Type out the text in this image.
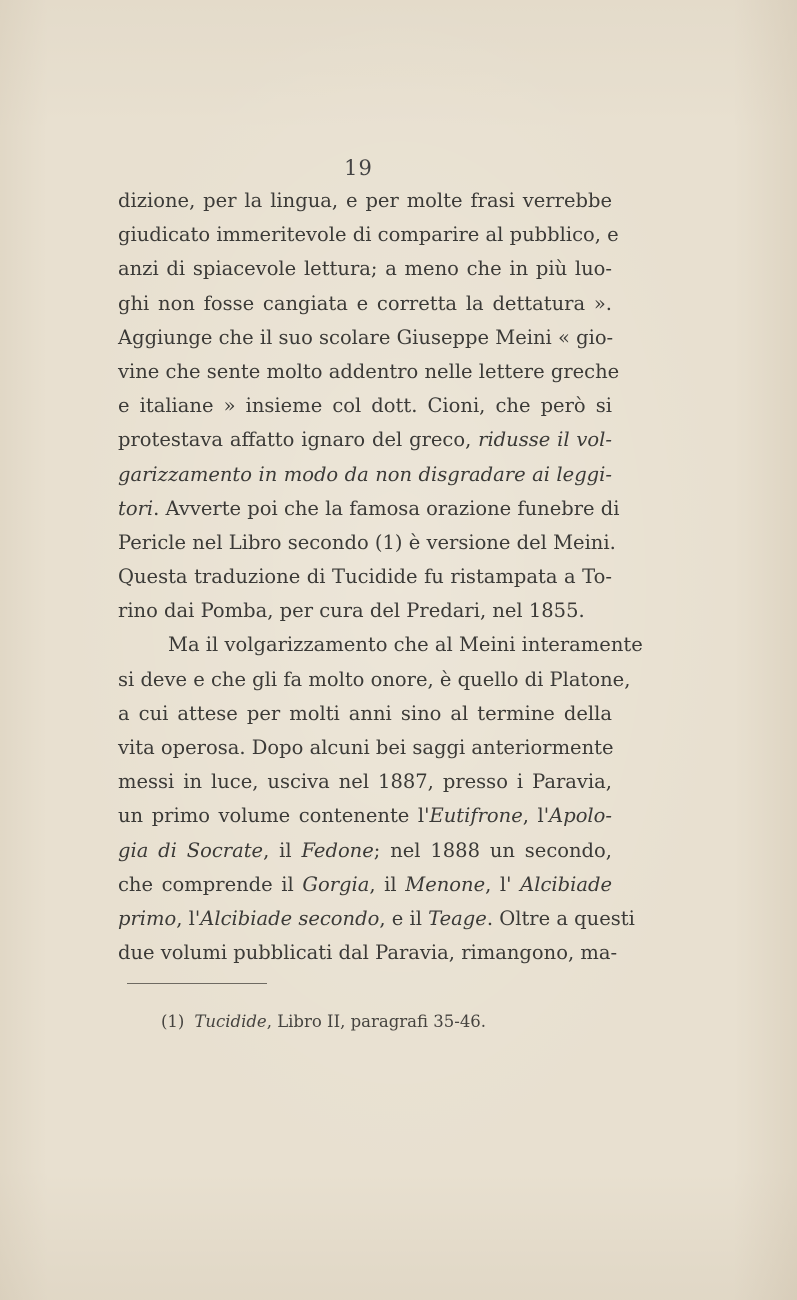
19
dizione, per la lingua, e per molte frasi verrebbe
giudicato immeritevole di comparire al pubblico, e
anzi di spiacevole lettura; a meno che in più luo-
ghi non fosse cangiata e corretta la dettatura ».
Aggiunge che il suo scolare Giuseppe Meini « gio-
vine che sente molto addentro nelle lettere greche
e italiane » insieme col dott. Cioni, che però si
protestava affatto ignaro del greco, ridusse il vol-
garizzamento in modo da non disgradare ai leggi-
tori. Avverte poi che la famosa orazione funebre di
Pericle nel Libro secondo (1) è versione del Meini.
Questa traduzione di Tucidide fu ristampata a To-
rino dai Pomba, per cura del Predari, nel 1855.
Ma il volgarizzamento che al Meini interamente
si deve e che gli fa molto onore, è quello di Platone,
a cui attese per molti anni sino al termine della
vita operosa. Dopo alcuni bei saggi anteriormente
messi in luce, usciva nel 1887, presso i Paravia,
un primo volume contenente l'Eutifrone, l'Apolo-
gia di Socrate, il Fedone; nel 1888 un secondo,
che comprende il Gorgia, il Menone, l' Alcibiade
primo, l'Alcibiade secondo, e il Teage. Oltre a questi
due volumi pubblicati dal Paravia, rimangono, ma-
(1) Tucidide, Libro II, paragrafi 35-46.
